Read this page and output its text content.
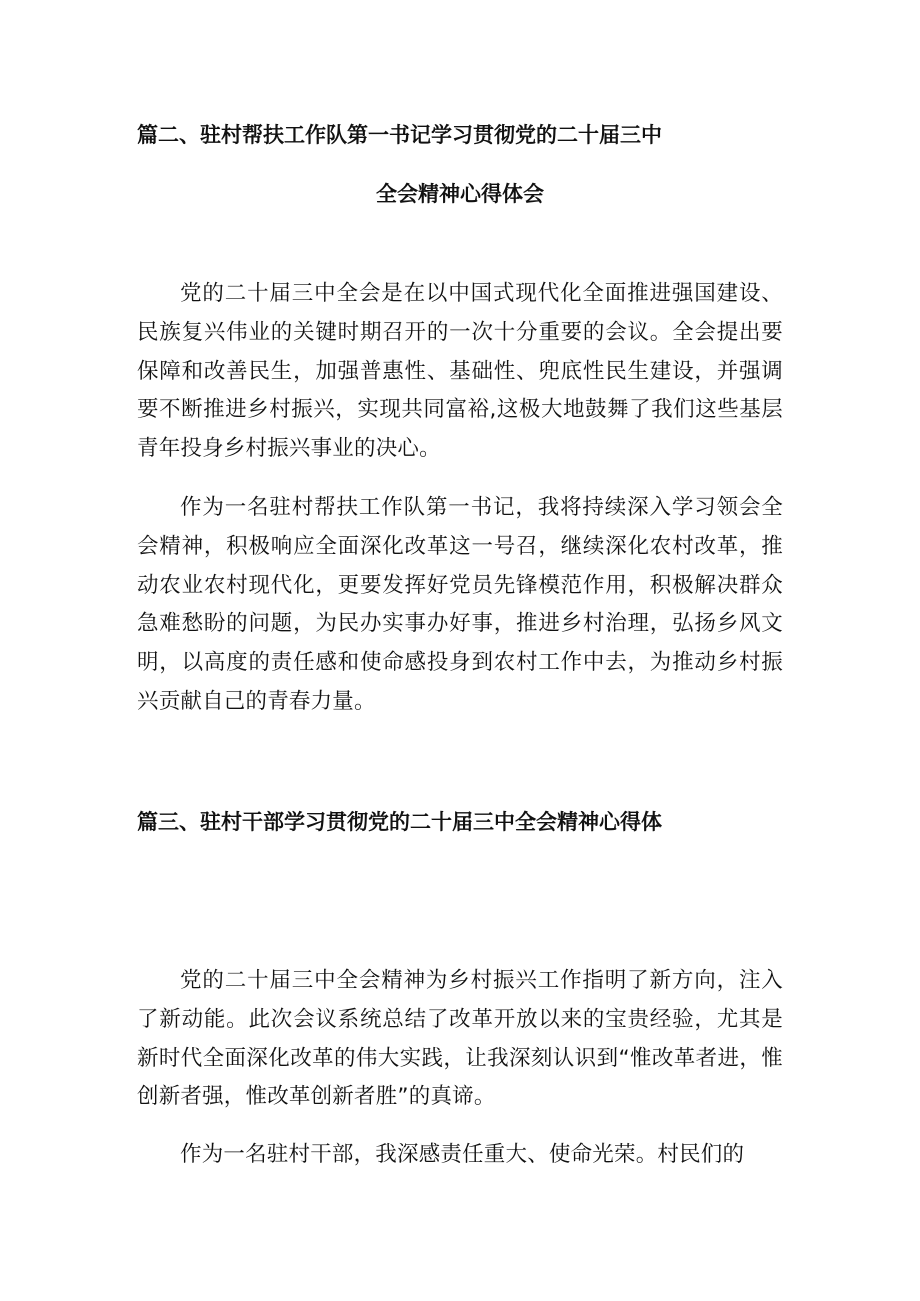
篇二、驻村帮扶工作队第一书记学习贯彻党的二十届三中
全会精神心得体会

党的二十届三中全会是在以中国式现代化全面推进强国建设、民族复兴伟业的关键时期召开的一次十分重要的会议。全会提出要保障和改善民生，加强普惠性、基础性、兜底性民生建设，并强调要不断推进乡村振兴，实现共同富裕,这极大地鼓舞了我们这些基层青年投身乡村振兴事业的决心。

作为一名驻村帮扶工作队第一书记，我将持续深入学习领会全会精神，积极响应全面深化改革这一号召，继续深化农村改革，推动农业农村现代化，更要发挥好党员先锋模范作用，积极解决群众急难愁盼的问题，为民办实事办好事，推进乡村治理，弘扬乡风文明，以高度的责任感和使命感投身到农村工作中去，为推动乡村振兴贡献自己的青春力量。

篇三、驻村干部学习贯彻党的二十届三中全会精神心得体

党的二十届三中全会精神为乡村振兴工作指明了新方向，注入了新动能。此次会议系统总结了改革开放以来的宝贵经验，尤其是新时代全面深化改革的伟大实践，让我深刻认识到“惟改革者进，惟创新者强，惟改革创新者胜”的真谛。

作为一名驻村干部，我深感责任重大、使命光荣。村民们的
